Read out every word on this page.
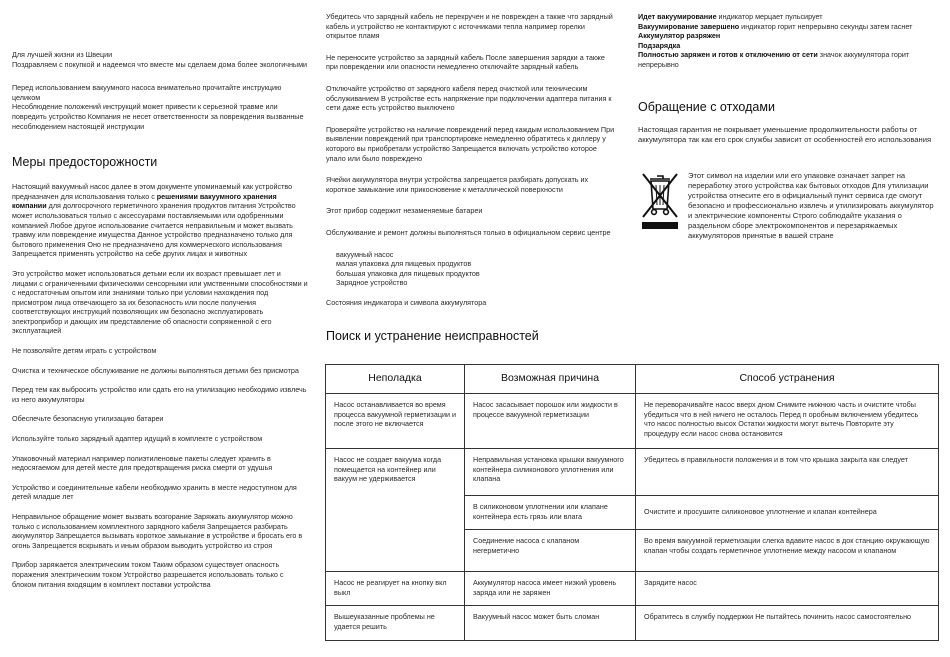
Для лучшей жизни из Швеции

Поздравляем с покупкой и надеемся что вместе мы сделаем дома более экологичными

Перед использованием вакуумного насоса внимательно прочитайте инструкцию целиком

Несоблюдение положений инструкций может привести к серьезной травме или повредить устройство Компания не несет ответственности за повреждения вызванные несоблюдением настоящей инструкции

Меры предосторожности

Настоящий вакуумный насос далее в этом документе упоминаемый как устройство предназначен для использования только с решениями вакуумного хранения компании для долгосрочного герметичного хранения продуктов питания Устройство может использоваться только с аксессуарами поставляемыми или одобренными компанией Любое другое использование считается неправильным и может вызвать травму или повреждение имущества Данное устройство предназначено только для бытового применения Оно не предназначено для коммерческого использования Запрещается применять устройство на себе других лицах и животных

Это устройство может использоваться детьми если их возраст превышает лет и лицами с ограниченными физическими сенсорными или умственными способностями и с недостаточным опытом или знаниями только при условии нахождения под присмотром лица отвечающего за их безопасность или после получения соответствующих инструкций позволяющих им безопасно эксплуатировать электроприбор и дающих им представление об опасности сопряженной с его эксплуатацией

Не позволяйте детям играть с устройством

Очистка и техническое обслуживание не должны выполняться детьми без присмотра

Перед тем как выбросить устройство или сдать его на утилизацию необходимо извлечь из него аккумуляторы

Обеспечьте безопасную утилизацию батареи

Используйте только зарядный адаптер идущий в комплекте с устройством

Упаковочный материал например полиэтиленовые пакеты следует хранить в недосягаемом для детей месте для предотвращения риска смерти от удушья

Устройство и соединительные кабели необходимо хранить в месте недоступном для детей младше лет

Неправильное обращение может вызвать возгорание Заряжать аккумулятор можно только с использованием комплектного зарядного кабеля Запрещается разбирать аккумулятор Запрещается вызывать короткое замыкание в устройстве и бросать его в огонь Запрещается вскрывать и иным образом выводить устройство из строя

Прибор заряжается электрическим током Таким образом существует опасность поражения электрическим током Устройство разрешается использовать только с блоком питания входящим в комплект поставки устройства

Убедитесь что зарядный кабель не перекручен и не поврежден а также что зарядный кабель и устройство не контактируют с источниками тепла например горелки открытое пламя

Не переносите устройство за зарядный кабель После завершения зарядки а также при повреждении или опасности немедленно отключайте зарядный кабель

Отключайте устройство от зарядного кабеля перед очисткой или техническим обслуживанием В устройстве есть напряжение при подключении адаптера питания к сети даже есть устройство выключено

Проверяйте устройство на наличие повреждений перед каждым использованием При выявлении повреждений при транспортировке немедленно обратитесь к диллеру у которого вы приобретали устройство Запрещается включать устройство которое упало или было повреждено

Ячейки аккумулятора внутри устройства запрещается разбирать допускать их короткое замыкание или прикосновение к металлической поверхности

Этот прибор содержит незаменяемые батареи

Обслуживание и ремонт должны выполняться только в официальном сервис центре

вакуумный насос
малая упаковка для пищевых продуктов
большая упаковка для пищевых продуктов
Зарядное устройство

Состояния индикатора и символа аккумулятора

Поиск и устранение неисправностей
Идет вакуумирование индикатор мерцает пульсирует
Вакуумирование завершено индикатор горит непрерывно секунды затем гаснет
Аккумулятор разряжен
Подзарядка
Полностью заряжен и готов к отключению от сети значок аккумулятора горит непрерывно
Обращение с отходами

Настоящая гарантия не покрывает уменьшение продолжительности работы от аккумулятора так как его срок службы зависит от особенностей его использования

Этот символ на изделии или его упаковке означает запрет на переработку этого устройства как бытовых отходов Для утилизации устройства отнесите его в официальный пункт сервиса где смогут безопасно и профессионально извлечь и утилизировать аккумулятор и электрические компоненты Строго соблюдайте указания о раздельном сборе электрокомпонентов и перезаряжаемых аккумуляторов принятые в вашей стране

Неполадка	Возможная причина	Способ устранения
Насос останавливается во время процесса вакуумной герметизации и после этого не включается	Насос засасывает порошок или жидкости в процессе вакуумной герметизации	Не переворачивайте насос вверх дном Снимите нижнюю часть и очистите чтобы убедиться что в ней ничего не осталось Перед п оробным включением убедитесь что насос полностью высох Остатки жидкости могут вытечь Повторите эту процедуру если насос снова остановится
Насос не создает вакуума когда помещается на контейнер или вакуум не удерживается	Неправильная установка крышки вакуумного контейнера силиконового уплотнения или клапана	Убедитесь в правильности положения и в том что крышка закрыта как следует
	В силиконовом уплотнении или клапане контейнера есть грязь или влага	Очистите и просушите силиконовое уплотнение и клапан контейнера
	Соединение насоса с клапаном негерметично	Во время вакуумной герметизации слегка вдавите насос в док станцию окружающую клапан чтобы создать герметичное уплотнение между насосом и клапаном

Насос не реагирует на кнопку вкл выкл	Аккумулятор насоса имеет низкий уровень заряда или не заряжен	Зарядите насос
Вышеуказанные проблемы не удается решить	Вакуумный насос может быть сломан	Обратитесь в службу поддержки Не пытайтесь починить насос самостоятельно
